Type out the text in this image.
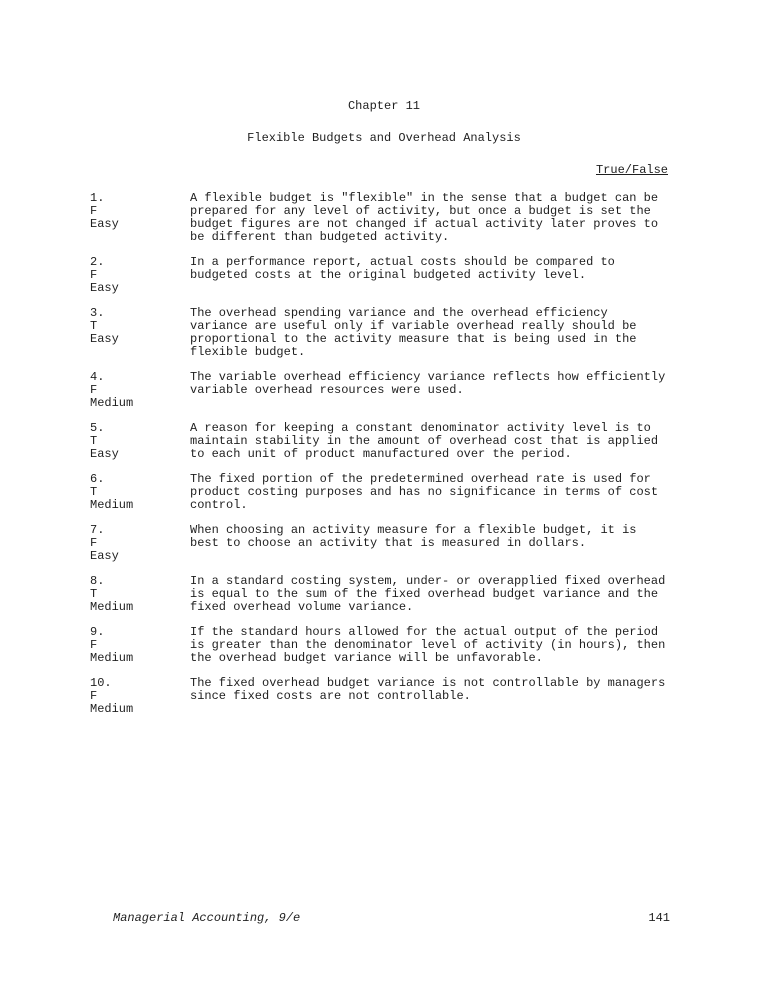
Chapter 11
Flexible Budgets and Overhead Analysis
True/False
1.
F
Easy
A flexible budget is "flexible" in the sense that a budget can be prepared for any level of activity, but once a budget is set the budget figures are not changed if actual activity later proves to be different than budgeted activity.
2.
F
Easy
In a performance report, actual costs should be compared to budgeted costs at the original budgeted activity level.
3.
T
Easy
The overhead spending variance and the overhead efficiency variance are useful only if variable overhead really should be proportional to the activity measure that is being used in the flexible budget.
4.
F
Medium
The variable overhead efficiency variance reflects how efficiently variable overhead resources were used.
5.
T
Easy
A reason for keeping a constant denominator activity level is to maintain stability in the amount of overhead cost that is applied to each unit of product manufactured over the period.
6.
T
Medium
The fixed portion of the predetermined overhead rate is used for product costing purposes and has no significance in terms of cost control.
7.
F
Easy
When choosing an activity measure for a flexible budget, it is best to choose an activity that is measured in dollars.
8.
T
Medium
In a standard costing system, under- or overapplied fixed overhead is equal to the sum of the fixed overhead budget variance and the fixed overhead volume variance.
9.
F
Medium
If the standard hours allowed for the actual output of the period is greater than the denominator level of activity (in hours), then the overhead budget variance will be unfavorable.
10.
F
Medium
The fixed overhead budget variance is not controllable by managers since fixed costs are not controllable.
Managerial Accounting, 9/e	141
